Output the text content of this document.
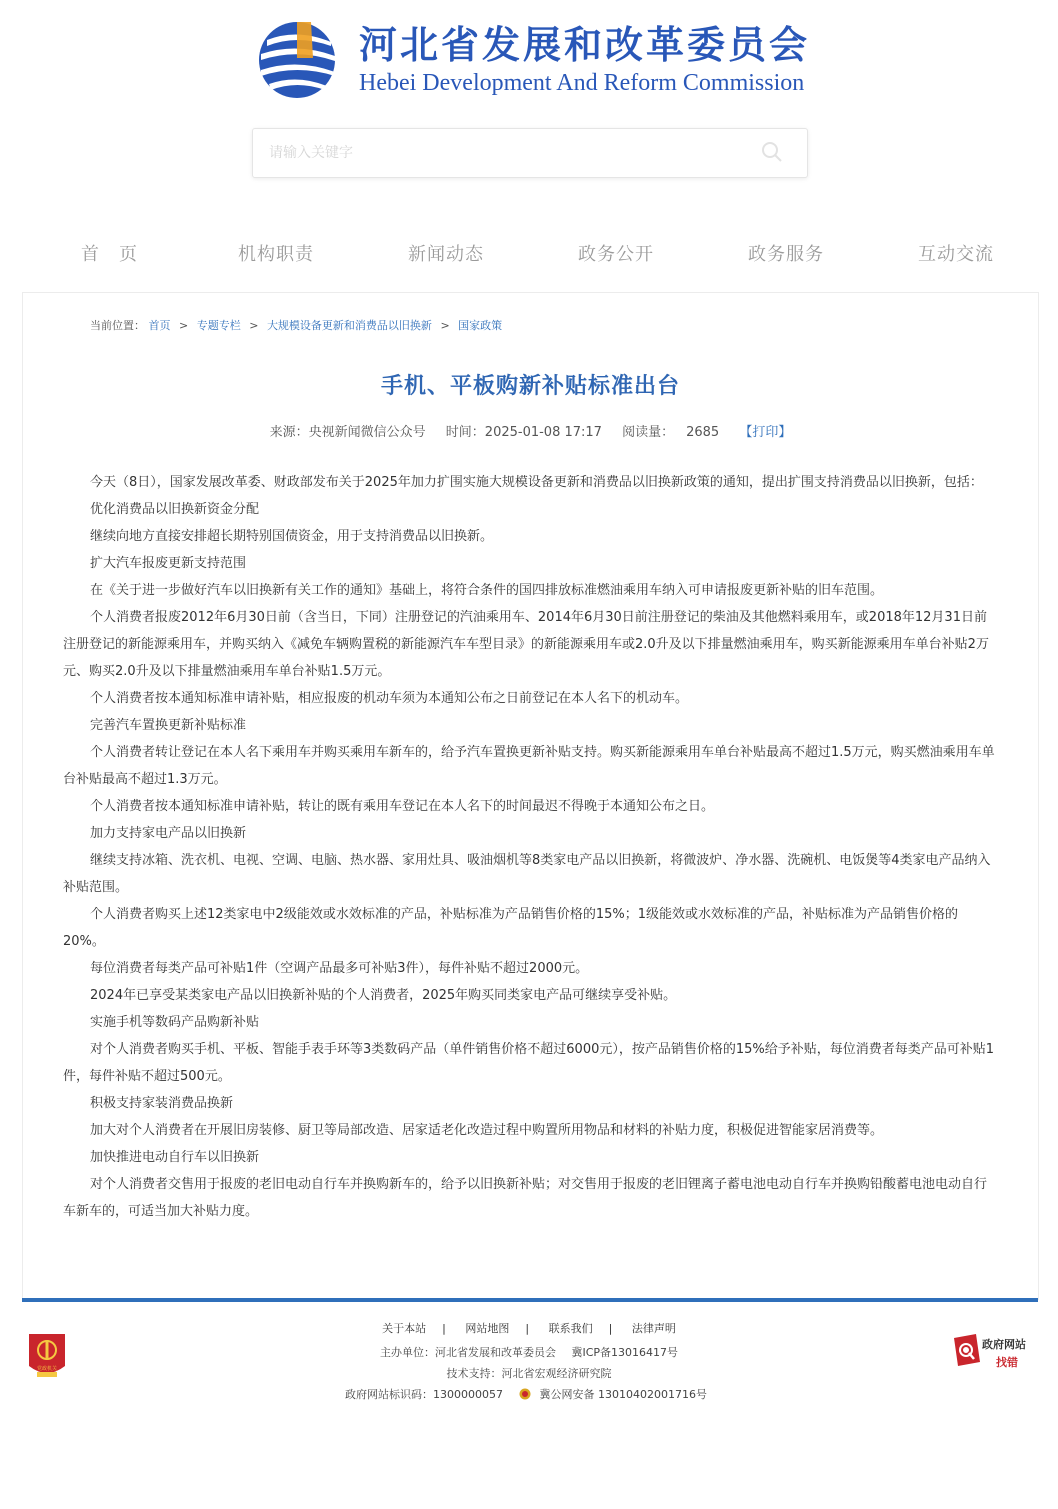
河北省发展和改革委员会
Hebei Development And Reform Commission
请输入关键字
首　页	机构职责	新闻动态	政务公开	政务服务	互动交流
当前位置： 首页 > 专题专栏 > 大规模设备更新和消费品以旧换新 > 国家政策
手机、平板购新补贴标准出台
来源：央视新闻微信公众号 时间：2025-01-08 17:17 阅读量： 2685 【打印】

今天（8日），国家发展改革委、财政部发布关于2025年加力扩围实施大规模设备更新和消费品以旧换新政策的通知，提出扩围支持消费品以旧换新，包括：

优化消费品以旧换新资金分配

继续向地方直接安排超长期特别国债资金，用于支持消费品以旧换新。

扩大汽车报废更新支持范围

在《关于进一步做好汽车以旧换新有关工作的通知》基础上，将符合条件的国四排放标准燃油乘用车纳入可申请报废更新补贴的旧车范围。

个人消费者报废2012年6月30日前（含当日，下同）注册登记的汽油乘用车、2014年6月30日前注册登记的柴油及其他燃料乘用车，或2018年12月31日前注册登记的新能源乘用车，并购买纳入《减免车辆购置税的新能源汽车车型目录》的新能源乘用车或2.0升及以下排量燃油乘用车，购买新能源乘用车单台补贴2万元、购买2.0升及以下排量燃油乘用车单台补贴1.5万元。

个人消费者按本通知标准申请补贴，相应报废的机动车须为本通知公布之日前登记在本人名下的机动车。

完善汽车置换更新补贴标准

个人消费者转让登记在本人名下乘用车并购买乘用车新车的，给予汽车置换更新补贴支持。购买新能源乘用车单台补贴最高不超过1.5万元，购买燃油乘用车单台补贴最高不超过1.3万元。

个人消费者按本通知标准申请补贴，转让的既有乘用车登记在本人名下的时间最迟不得晚于本通知公布之日。

加力支持家电产品以旧换新

继续支持冰箱、洗衣机、电视、空调、电脑、热水器、家用灶具、吸油烟机等8类家电产品以旧换新，将微波炉、净水器、洗碗机、电饭煲等4类家电产品纳入补贴范围。

个人消费者购买上述12类家电中2级能效或水效标准的产品，补贴标准为产品销售价格的15%；1级能效或水效标准的产品，补贴标准为产品销售价格的20%。

每位消费者每类产品可补贴1件（空调产品最多可补贴3件），每件补贴不超过2000元。

2024年已享受某类家电产品以旧换新补贴的个人消费者，2025年购买同类家电产品可继续享受补贴。

实施手机等数码产品购新补贴

对个人消费者购买手机、平板、智能手表手环等3类数码产品（单件销售价格不超过6000元），按产品销售价格的15%给予补贴，每位消费者每类产品可补贴1件，每件补贴不超过500元。

积极支持家装消费品换新

加大对个人消费者在开展旧房装修、厨卫等局部改造、居家适老化改造过程中购置所用物品和材料的补贴力度，积极促进智能家居消费等。

加快推进电动自行车以旧换新

对个人消费者交售用于报废的老旧电动自行车并换购新车的，给予以旧换新补贴；对交售用于报废的老旧锂离子蓄电池电动自行车并换购铅酸蓄电池电动自行车新车的，可适当加大补贴力度。

党政机关
关于本站 | 网站地图 | 联系我们 | 法律声明
主办单位：河北省发展和改革委员会 冀ICP备13016417号
技术支持：河北省宏观经济研究院
政府网站标识码：1300000057	冀公网安备 13010402001716号
政府网站
找错
